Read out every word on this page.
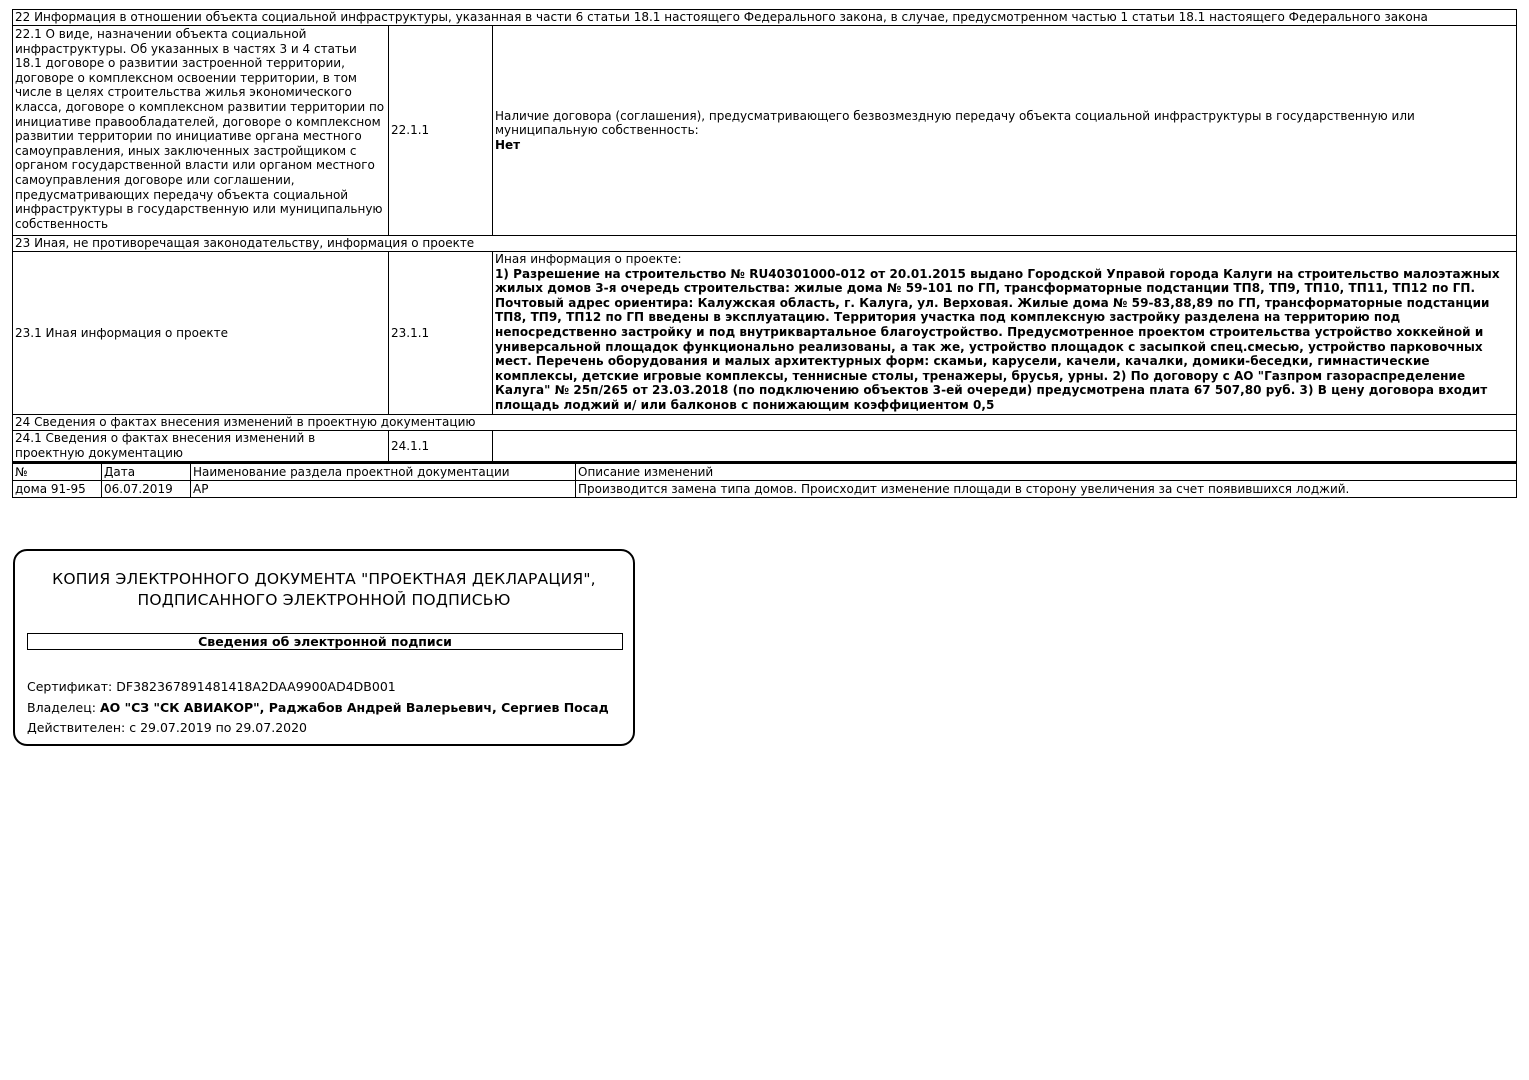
22 Информация в отношении объекта социальной инфраструктуры, указанная в части 6 статьи 18.1 настоящего Федерального закона, в случае, предусмотренном частью 1 статьи 18.1 настоящего Федерального закона		
22.1 О виде, назначении объекта социальной инфраструктуры. Об указанных в частях 3 и 4 статьи 18.1 договоре о развитии застроенной территории, договоре о комплексном освоении территории, в том числе в целях строительства жилья экономического класса, договоре о комплексном развитии территории по инициативе правообладателей, договоре о комплексном развитии территории по инициативе органа местного самоуправления, иных заключенных застройщиком с органом государственной власти или органом местного самоуправления договоре или соглашении, предусматривающих передачу объекта социальной инфраструктуры в государственную или муниципальную собственность	22.1.1	Наличие договора (соглашения), предусматривающего безвозмездную передачу объекта социальной инфраструктуры в государственную или муниципальную собственность:
Нет

23 Иная, не противоречащая законодательству, информация о проекте		
23.1 Иная информация о проекте	23.1.1	Иная информация о проекте:
1) Разрешение на строительство № RU40301000-012 от 20.01.2015 выдано Городской Управой города Калуги на строительство малоэтажных жилых домов 3-я очередь строительства: жилые дома № 59-101 по ГП, трансформаторные подстанции ТП8, ТП9, ТП10, ТП11, ТП12 по ГП. Почтовый адрес ориентира: Калужская область, г. Калуга, ул. Верховая. Жилые дома № 59-83,88,89 по ГП, трансформаторные подстанции ТП8, ТП9, ТП12 по ГП введены в эксплуатацию. Территория участка под комплексную застройку разделена на территорию под непосредственно застройку и под внутриквартальное благоустройство. Предусмотренное проектом строительства устройство хоккейной и универсальной площадок функционально реализованы, а так же, устройство площадок с засыпкой спец.смесью, устройство парковочных мест. Перечень оборудования и малых архитектурных форм: скамьи, карусели, качели, качалки, домики-беседки, гимнастические комплексы, детские игровые комплексы, теннисные столы, тренажеры, брусья, урны. 2) По договору с АО "Газпром газораспределение Калуга" № 25п/265 от 23.03.2018 (по подключению объектов 3-ей очереди) предусмотрена плата 67 507,80 руб. 3) В цену договора входит площадь лоджий и/ или балконов с понижающим коэффициентом 0,5

24 Сведения о фактах внесения изменений в проектную документацию		
24.1 Сведения о фактах внесения изменений в проектную документацию	24.1.1	
№	Дата	Наименование раздела проектной документации	Описание изменений
дома 91-95	06.07.2019	АР	Производится замена типа домов. Происходит изменение площади в сторону увеличения за счет появившихся лоджий.
КОПИЯ ЭЛЕКТРОННОГО ДОКУМЕНТА "ПРОЕКТНАЯ ДЕКЛАРАЦИЯ",
ПОДПИСАННОГО ЭЛЕКТРОННОЙ ПОДПИСЬЮ
Сведения об электронной подписи
Сертификат: DF382367891481418A2DAA9900AD4DB001
Владелец: АО "СЗ "СК АВИАКОР", Раджабов Андрей Валерьевич, Сергиев Посад
Действителен: с 29.07.2019 по 29.07.2020
